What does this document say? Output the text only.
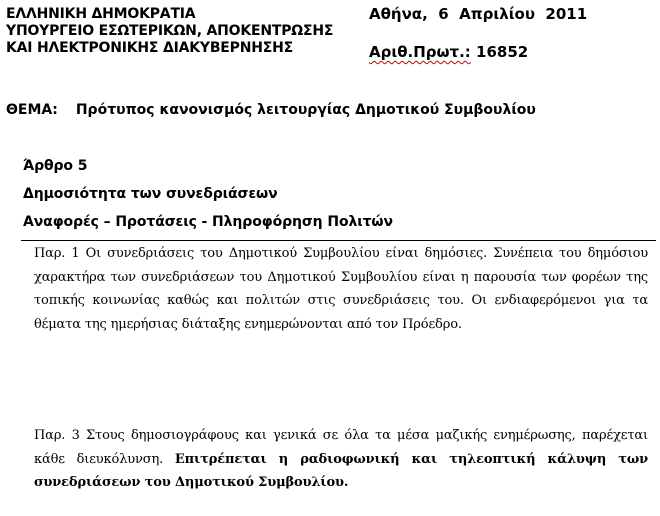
ΕΛΛΗΝΙΚΗ ΔΗΜΟΚΡΑΤΙΑ
ΥΠΟΥΡΓΕΙΟ ΕΣΩΤΕΡΙΚΩΝ, ΑΠΟΚΕΝΤΡΩΣΗΣ
ΚΑΙ ΗΛΕΚΤΡΟΝΙΚΗΣ ΔΙΑΚΥΒΕΡΝΗΣΗΣ
Αθήνα,  6  Απριλίου  2011
Αριθ.Πρωτ.: 16852
ΘΕΜΑ: Πρότυπος κανονισμός λειτουργίας Δημοτικού Συμβουλίου
Άρθρο 5
Δημοσιότητα των συνεδριάσεων
Αναφορές – Προτάσεις - Πληροφόρηση Πολιτών
Παρ. 1 Οι συνεδριάσεις του Δημοτικού Συμβουλίου είναι δημόσιες. Συνέπεια του δημόσιου χαρακτήρα των συνεδριάσεων του Δημοτικού Συμβουλίου είναι η παρουσία των φορέων της τοπικής κοινωνίας καθώς και πολιτών στις συνεδριάσεις του. Οι ενδιαφερόμενοι για τα θέματα της ημερήσιας διάταξης ενημερώνονται από τον Πρόεδρο.
Παρ. 3 Στους δημοσιογράφους και γενικά σε όλα τα μέσα μαζικής ενημέρωσης, παρέχεται κάθε διευκόλυνση. Επιτρέπεται η ραδιοφωνική και τηλεοπτική κάλυψη των συνεδριάσεων του Δημοτικού Συμβουλίου.
